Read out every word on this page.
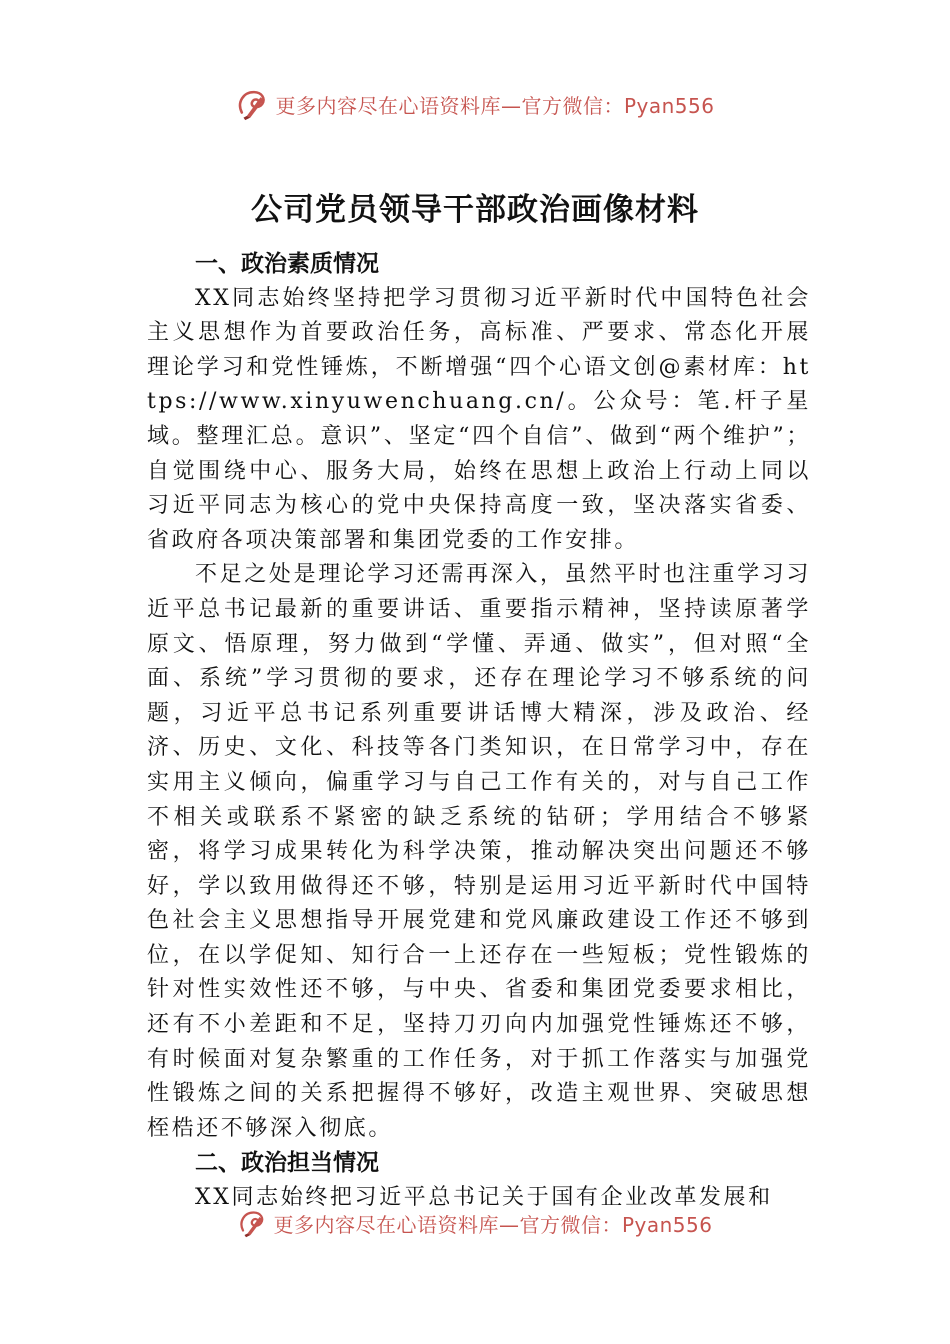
更多内容尽在心语资料库—官方微信：Pyan556
公司党员领导干部政治画像材料
一、政治素质情况

XX同志始终坚持把学习贯彻习近平新时代中国特色社会主义思想作为首要政治任务，高标准、严要求、常态化开展理论学习和党性锤炼，不断增强“四个心语文创@素材库：https://www.xinyuwenchuang.cn/。公众号：笔.杆子星域。整理汇总。意识”、坚定“四个自信”、做到“两个维护”；自觉围绕中心、服务大局，始终在思想上政治上行动上同以习近平同志为核心的党中央保持高度一致，坚决落实省委、省政府各项决策部署和集团党委的工作安排。

不足之处是理论学习还需再深入，虽然平时也注重学习习近平总书记最新的重要讲话、重要指示精神，坚持读原著学原文、悟原理，努力做到“学懂、弄通、做实”，但对照“全面、系统”学习贯彻的要求，还存在理论学习不够系统的问题，习近平总书记系列重要讲话博大精深，涉及政治、经济、历史、文化、科技等各门类知识，在日常学习中，存在实用主义倾向，偏重学习与自己工作有关的，对与自己工作不相关或联系不紧密的缺乏系统的钻研；学用结合不够紧密，将学习成果转化为科学决策，推动解决突出问题还不够好，学以致用做得还不够，特别是运用习近平新时代中国特色社会主义思想指导开展党建和党风廉政建设工作还不够到位，在以学促知、知行合一上还存在一些短板；党性锻炼的针对性实效性还不够，与中央、省委和集团党委要求相比，还有不小差距和不足，坚持刀刃向内加强党性锤炼还不够，有时候面对复杂繁重的工作任务，对于抓工作落实与加强党性锻炼之间的关系把握得不够好，改造主观世界、突破思想桎梏还不够深入彻底。

二、政治担当情况

XX同志始终把习近平总书记关于国有企业改革发展和

更多内容尽在心语资料库—官方微信：Pyan556
